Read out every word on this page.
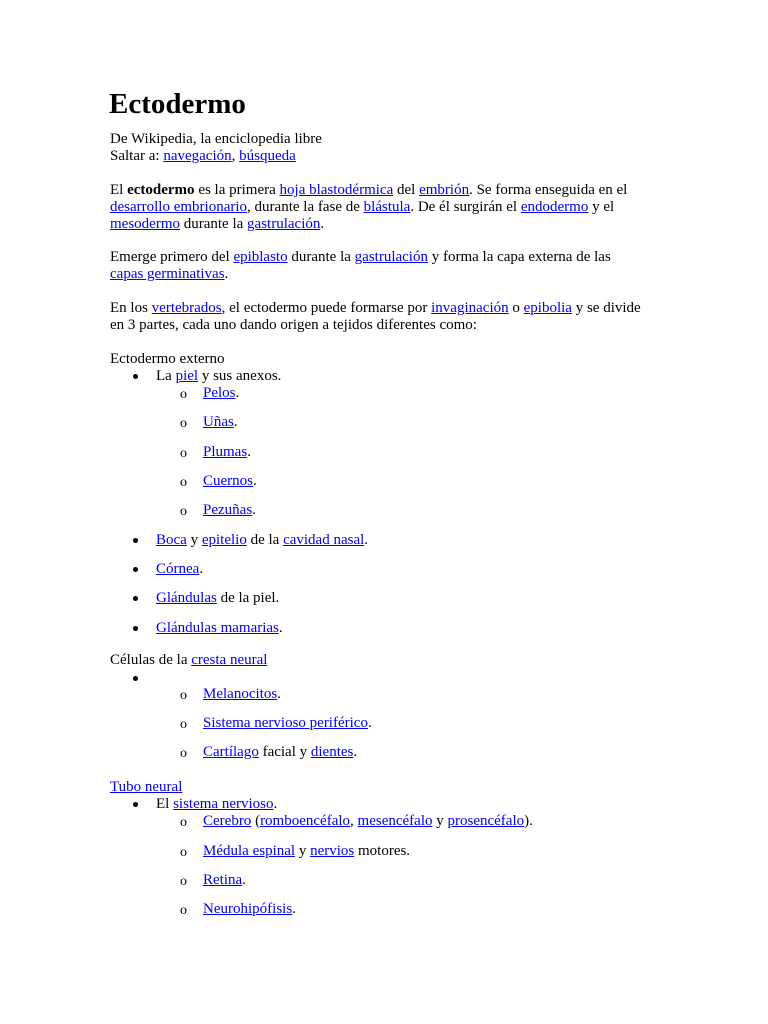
Ectodermo
De Wikipedia, la enciclopedia libre
Saltar a: navegación, búsqueda
El ectodermo es la primera hoja blastodérmica del embrión. Se forma enseguida en el
desarrollo embrionario, durante la fase de blástula. De él surgirán el endodermo y el
mesodermo durante la gastrulación.
Emerge primero del epiblasto durante la gastrulación y forma la capa externa de las
capas germinativas.
En los vertebrados, el ectodermo puede formarse por invaginación o epibolia y se divide
en 3 partes, cada uno dando origen a tejidos diferentes como:
Ectodermo externo
La piel y sus anexos.
o Pelos.
o Uñas.
o Plumas.
o Cuernos.
o Pezuñas.
Boca y epitelio de la cavidad nasal.
Córnea.
Glándulas de la piel.
Glándulas mamarias.
Células de la cresta neural
o Melanocitos.
o Sistema nervioso periférico.
o Cartílago facial y dientes.
Tubo neural
El sistema nervioso.
o Cerebro (romboencéfalo, mesencéfalo y prosencéfalo).
o Médula espinal y nervios motores.
o Retina.
o Neurohipófisis.
